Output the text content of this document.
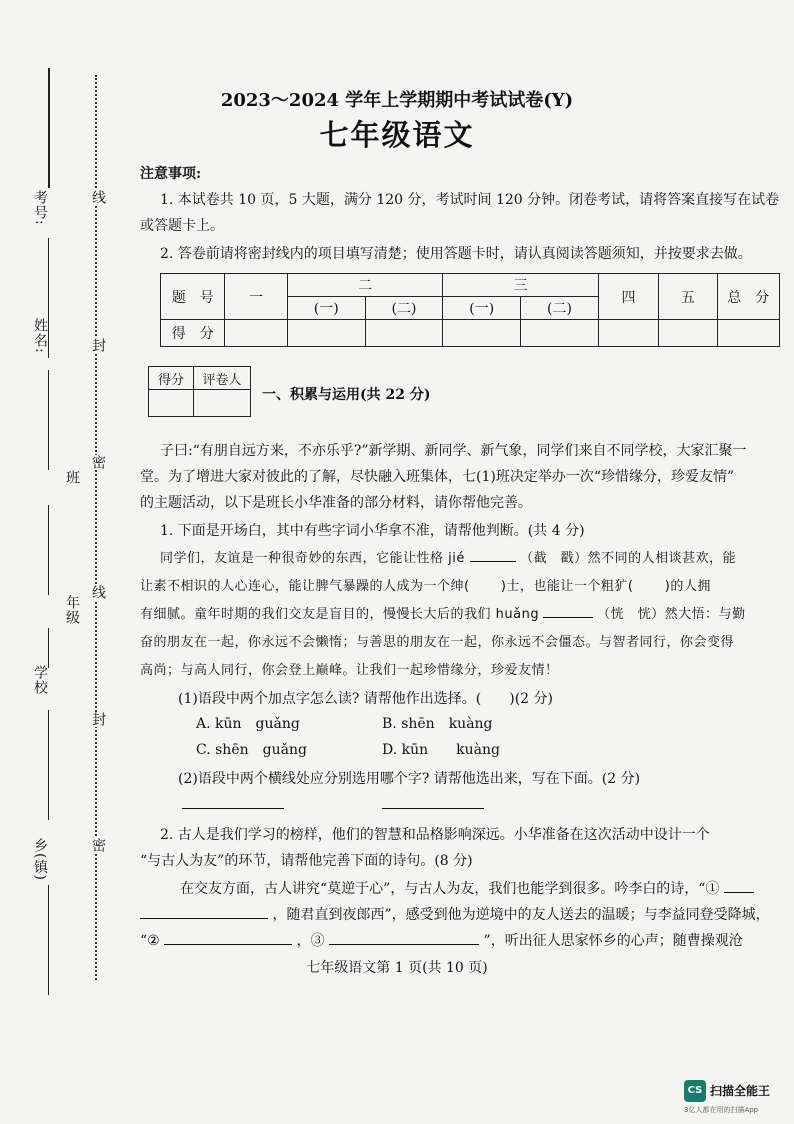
考号:
姓名:
班
年级
学校
乡(镇)
线
封
密
线
封
密
2023～2024 学年上学期期中考试试卷(Y)
七年级语文
注意事项:
1. 本试卷共 10 页，5 大题，满分 120 分，考试时间 120 分钟。闭卷考试，请将答案直接写在试卷
或答题卡上。
2. 答卷前请将密封线内的项目填写清楚；使用答题卡时，请认真阅读答题须知，并按要求去做。
题　号	一	二		三		四	五	总　分
		(一)	(二)	(一)	(二)			
得　分								
得分	评卷人

一、积累与运用(共 22 分)
子曰:“有朋自远方来，不亦乐乎?”新学期、新同学、新气象，同学们来自不同学校，大家汇聚一
堂。为了增进大家对彼此的了解，尽快融入班集体，七(1)班决定举办一次“珍惜缘分，珍爱友情”
的主题活动，以下是班长小华准备的部分材料，请你帮他完善。
1. 下面是开场白，其中有些字词小华拿不准，请帮他判断。(共 4 分)
同学们，友谊是一种很奇妙的东西，它能让性格 jié	（截　戳）然不同的人相谈甚欢，能
让素不相识的人心连心，能让脾气暴躁的人成为一个绅( )士，也能让一个粗犷( )的人拥
有细腻。童年时期的我们交友是盲目的，慢慢长大后的我们 huǎng	（恍　恍）然大悟：与勤
奋的朋友在一起，你永远不会懒惰；与善思的朋友在一起，你永远不会僵态。与智者同行，你会变得
高尚；与高人同行，你会登上巅峰。让我们一起珍惜缘分，珍爱友情！
(1)语段中两个加点字怎么读? 请帮他作出选择。(　　)(2 分)
A. kūn　guǎng	B. shēn　kuàng
C. shēn　guǎng	D. kūn　　kuàng
(2)语段中两个横线处应分别选用哪个字? 请帮他选出来，写在下面。(2 分)
2. 古人是我们学习的榜样，他们的智慧和品格影响深远。小华准备在这次活动中设计一个
“与古人为友”的环节，请帮他完善下面的诗句。(8 分)
在交友方面，古人讲究“莫逆于心”，与古人为友，我们也能学到很多。吟李白的诗，“①
，随君直到夜郎西”，感受到他为逆境中的友人送去的温暖；与李益同登受降城，
“②	，③	”，听出征人思家怀乡的心声；随曹操观沧
七年级语文第 1 页(共 10 页)
CS 扫描全能王
3亿人都在用的扫描App
